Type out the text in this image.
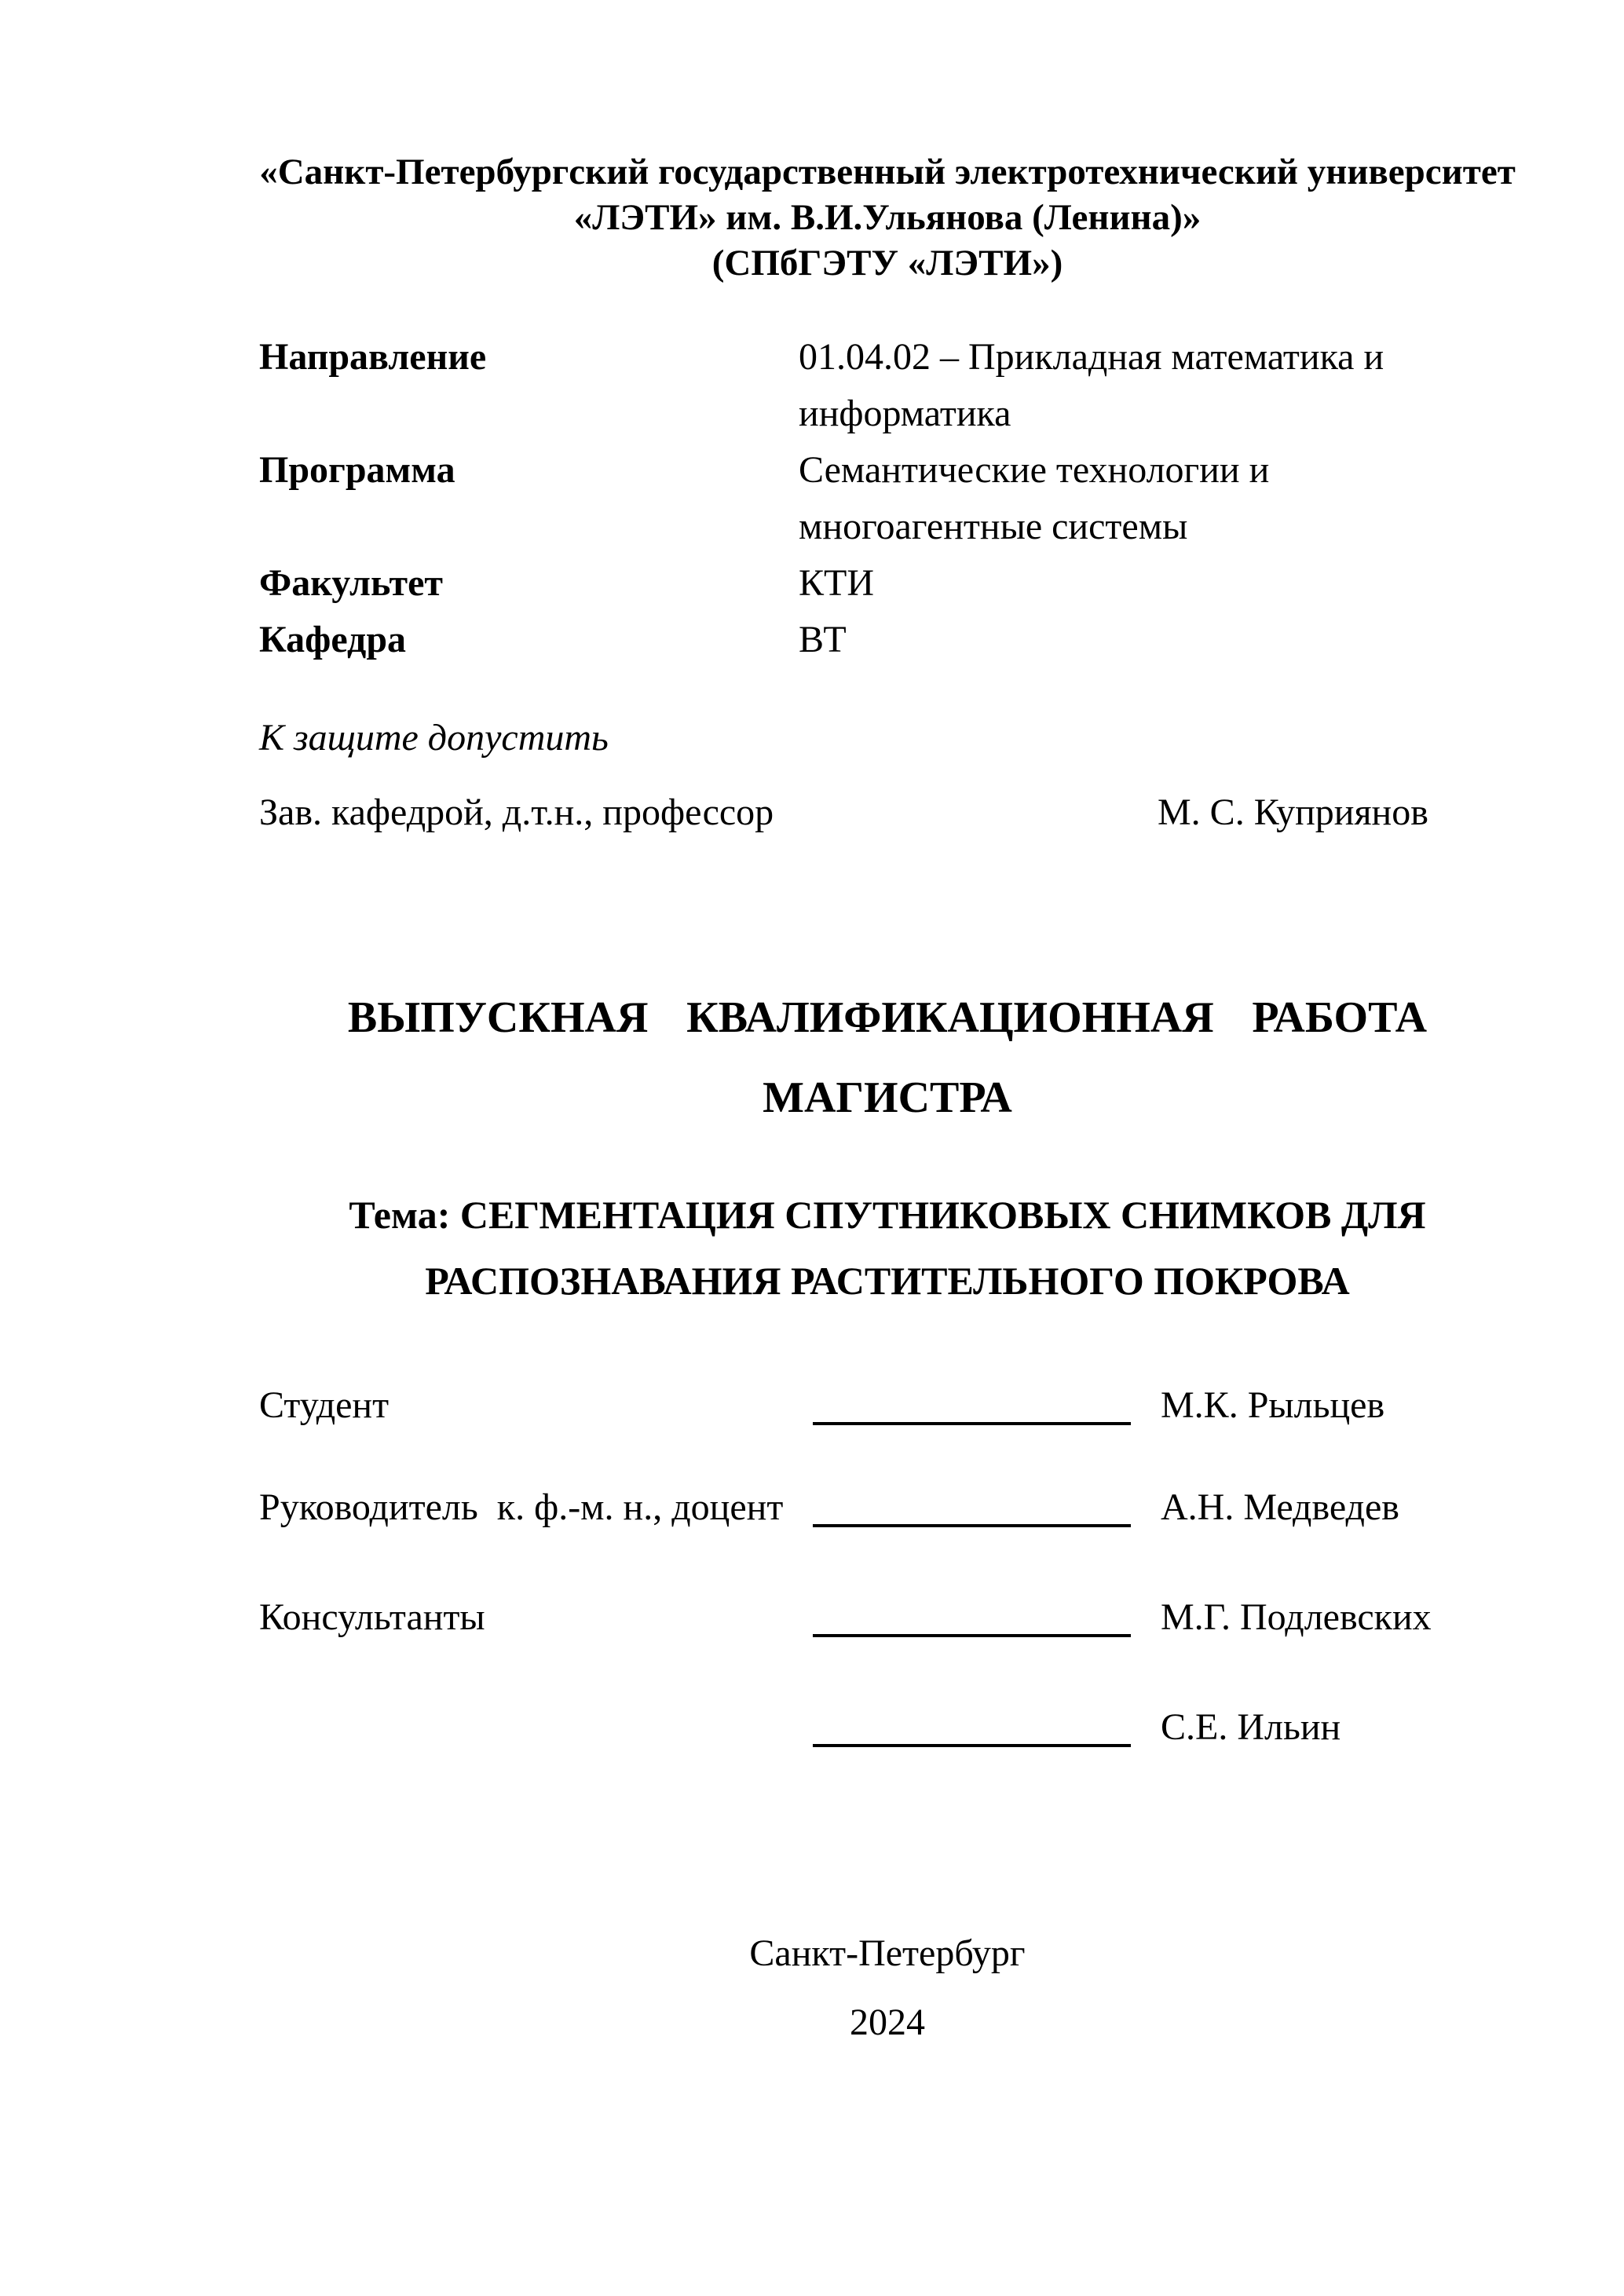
«Санкт-Петербургский государственный электротехнический университет
«ЛЭТИ» им. В.И.Ульянова (Ленина)»
(СПбГЭТУ «ЛЭТИ»)
Направление	01.04.02 – Прикладная математика и информатика
Программа	Семантические технологии и многоагентные системы
Факультет	КТИ
Кафедра	ВТ
К защите допустить
Зав. кафедрой, д.т.н., профессор	М. С. Куприянов
ВЫПУСКНАЯ КВАЛИФИКАЦИОННАЯ РАБОТА
МАГИСТРА
Тема: СЕГМЕНТАЦИЯ СПУТНИКОВЫХ СНИМКОВ ДЛЯ
РАСПОЗНАВАНИЯ РАСТИТЕЛЬНОГО ПОКРОВА
Студент	М.К. Рыльцев
Руководитель  к. ф.-м. н., доцент	А.Н. Медведев
Консультанты	М.Г. Подлевских
С.Е. Ильин
Санкт-Петербург
2024
